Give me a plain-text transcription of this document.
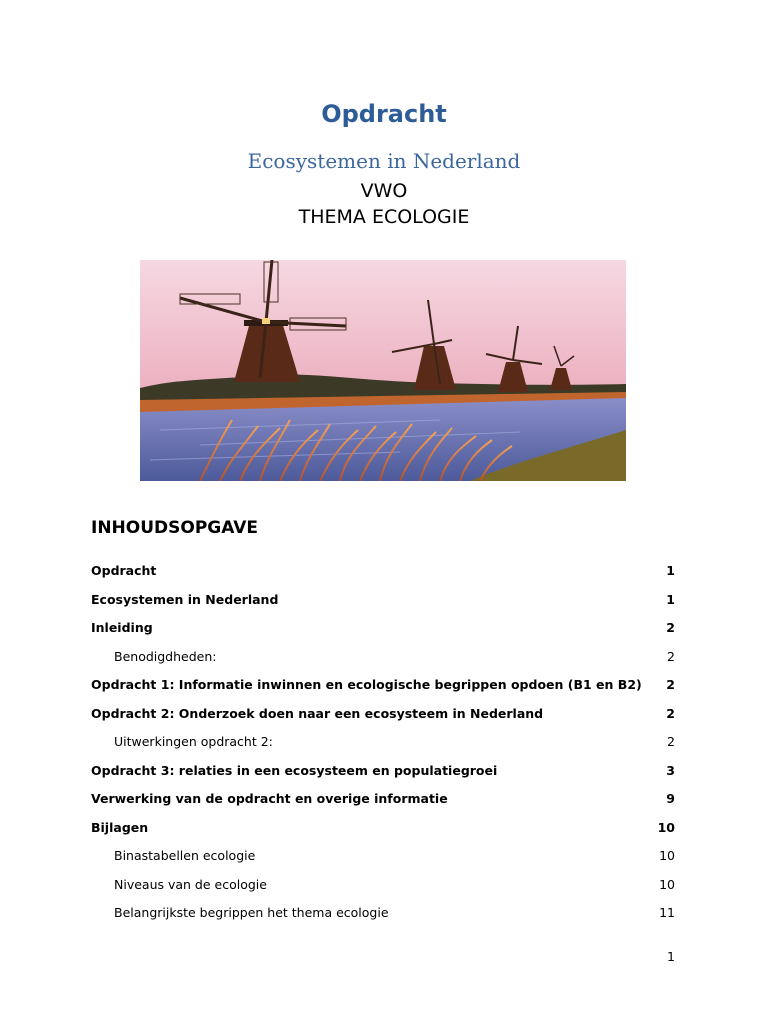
Opdracht
Ecosystemen in Nederland
VWO
THEMA ECOLOGIE
INHOUDSOPGAVE
Opdracht	1
Ecosystemen in Nederland	1
Inleiding	2
Benodigdheden:	2
Opdracht 1: Informatie inwinnen en ecologische begrippen opdoen (B1 en B2) 2
Opdracht 2: Onderzoek doen naar een ecosysteem in Nederland	2
Uitwerkingen opdracht 2:	2
Opdracht 3: relaties in een ecosysteem en populatiegroei	3
Verwerking van de opdracht en overige informatie	9
Bijlagen	10
Binastabellen ecologie	10
Niveaus van de ecologie	10
Belangrijkste begrippen het thema ecologie	11
1
